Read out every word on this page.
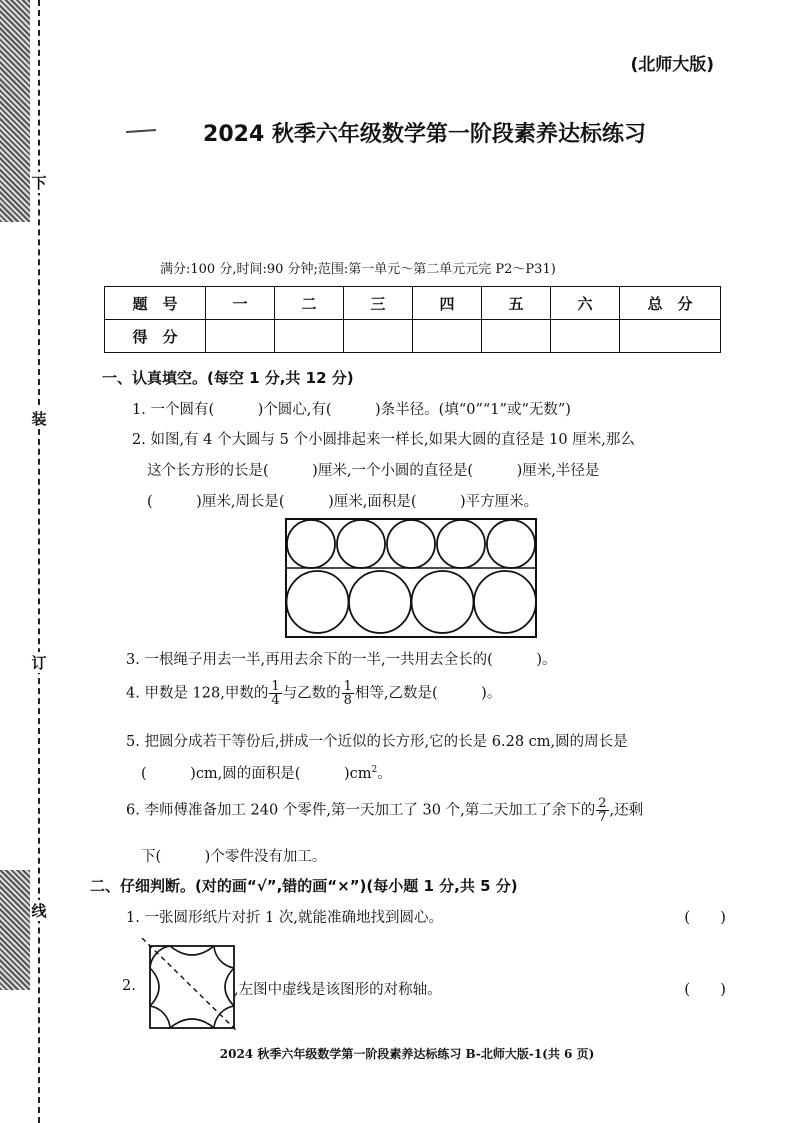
下
装
订
线
(北师大版)
2024 秋季六年级数学第一阶段素养达标练习
满分:100 分,时间:90 分钟;范围:第一单元～第二单元元完 P2～P31)
题　号	一	二	三	四	五	六	总　分
得　分							
一、认真填空。(每空 1 分,共 12 分)
1. 一个圆有(　　　)个圆心,有(　　　)条半径。(填“0”“1”或“无数”)
2. 如图,有 4 个大圆与 5 个小圆排起来一样长,如果大圆的直径是 10 厘米,那么
这个长方形的长是(　　　)厘米,一个小圆的直径是(　　　)厘米,半径是
(　　　)厘米,周长是(　　　)厘米,面积是(　　　)平方厘米。
3. 一根绳子用去一半,再用去余下的一半,一共用去全长的(　　　)。
4. 甲数是 128,甲数的 $\frac{1}{4}$ 与乙数的 $\frac{1}{8}$ 相等,乙数是(　　　)。
5. 把圆分成若干等份后,拼成一个近似的长方形,它的长是 6.28 cm,圆的周长是
(　　　)cm,圆的面积是(　　　)$cm^2$。
6. 李师傅准备加工 240 个零件,第一天加工了 30 个,第二天加工了余下的 $\frac{2}{7}$ ,还剩
下(　　　)个零件没有加工。
二、仔细判断。(对的画“√”,错的画“×”)(每小题 1 分,共 5 分)
1. 一张圆形纸片对折 1 次,就能准确地找到圆心。	(　　)
2.	,左图中虚线是该图形的对称轴。	(　　)
2024 秋季六年级数学第一阶段素养达标练习 B-北师大版-1(共 6 页)
